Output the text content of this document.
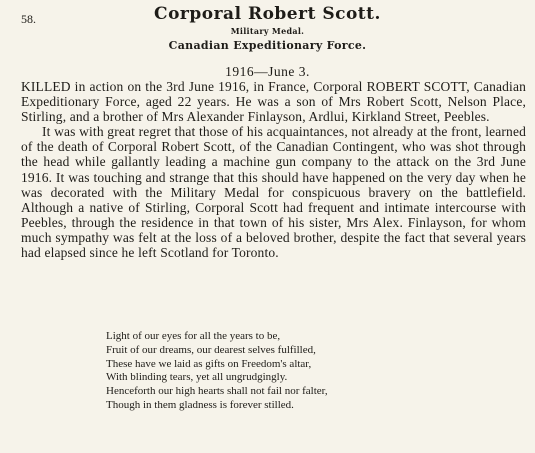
58.	Corporal Robert Scott.
Military Medal.
Canadian Expeditionary Force.
1916—June 3.

KILLED in action on the 3rd June 1916, in France, Corporal ROBERT SCOTT, Canadian Expeditionary Force, aged 22 years. He was a son of Mrs Robert Scott, Nelson Place, Stirling, and a brother of Mrs Alexander Finlayson, Ardlui, Kirkland Street, Peebles.

It was with great regret that those of his acquaintances, not already at the front, learned of the death of Corporal Robert Scott, of the Canadian Contingent, who was shot through the head while gallantly leading a machine gun company to the attack on the 3rd June 1916. It was touching and strange that this should have happened on the very day when he was decorated with the Military Medal for conspicuous bravery on the battlefield. Although a native of Stirling, Corporal Scott had frequent and intimate intercourse with Peebles, through the residence in that town of his sister, Mrs Alex. Finlayson, for whom much sympathy was felt at the loss of a beloved brother, despite the fact that several years had elapsed since he left Scotland for Toronto.

Light of our eyes for all the years to be,
Fruit of our dreams, our dearest selves fulfilled,
These have we laid as gifts on Freedom's altar,
With blinding tears, yet all ungrudgingly.
Henceforth our high hearts shall not fail nor falter,
Though in them gladness is forever stilled.
